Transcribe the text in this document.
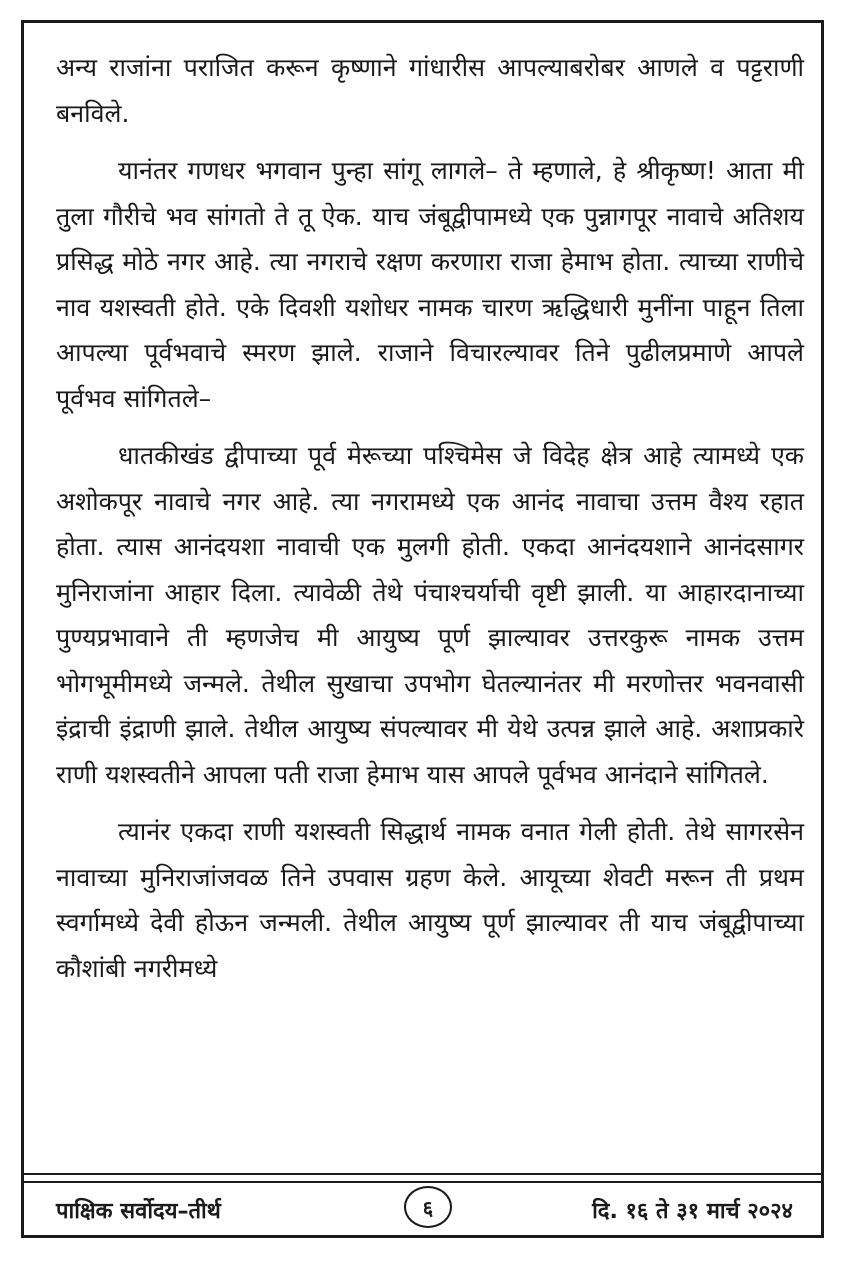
अन्य राजांना पराजित करून कृष्णाने गांधारीस आपल्याबरोबर आणले व पट्टराणी बनविले.

यानंतर गणधर भगवान पुन्हा सांगू लागले– ते म्हणाले, हे श्रीकृष्ण! आता मी तुला गौरीचे भव सांगतो ते तू ऐक. याच जंबूद्वीपामध्ये एक पुन्नागपूर नावाचे अतिशय प्रसिद्ध मोठे नगर आहे. त्या नगराचे रक्षण करणारा राजा हेमाभ होता. त्याच्या राणीचे नाव यशस्वती होते. एके दिवशी यशोधर नामक चारण ऋद्धिधारी मुनींना पाहून तिला आपल्या पूर्वभवाचे स्मरण झाले. राजाने विचारल्यावर तिने पुढीलप्रमाणे आपले पूर्वभव सांगितले–

धातकीखंड द्वीपाच्या पूर्व मेरूच्या पश्चिमेस जे विदेह क्षेत्र आहे त्यामध्ये एक अशोकपूर नावाचे नगर आहे. त्या नगरामध्ये एक आनंद नावाचा उत्तम वैश्य रहात होता. त्यास आनंदयशा नावाची एक मुलगी होती. एकदा आनंदयशाने आनंदसागर मुनिराजांना आहार दिला. त्यावेळी तेथे पंचाश्चर्याची वृष्टी झाली. या आहारदानाच्या पुण्यप्रभावाने ती म्हणजेच मी आयुष्य पूर्ण झाल्यावर उत्तरकुरू नामक उत्तम भोगभूमीमध्ये जन्मले. तेथील सुखाचा उपभोग घेतल्यानंतर मी मरणोत्तर भवनवासी इंद्राची इंद्राणी झाले. तेथील आयुष्य संपल्यावर मी येथे उत्पन्न झाले आहे. अशाप्रकारे राणी यशस्वतीने आपला पती राजा हेमाभ यास आपले पूर्वभव आनंदाने सांगितले.

त्यानंर एकदा राणी यशस्वती सिद्धार्थ नामक वनात गेली होती. तेथे सागरसेन नावाच्या मुनिराजांजवळ तिने उपवास ग्रहण केले. आयूच्या शेवटी मरून ती प्रथम स्वर्गामध्ये देवी होऊन जन्मली. तेथील आयुष्य पूर्ण झाल्यावर ती याच जंबूद्वीपाच्या कौशांबी नगरीमध्ये

पाक्षिक सर्वोदय–तीर्थ	६	दि. १६ ते ३१ मार्च २०२४
